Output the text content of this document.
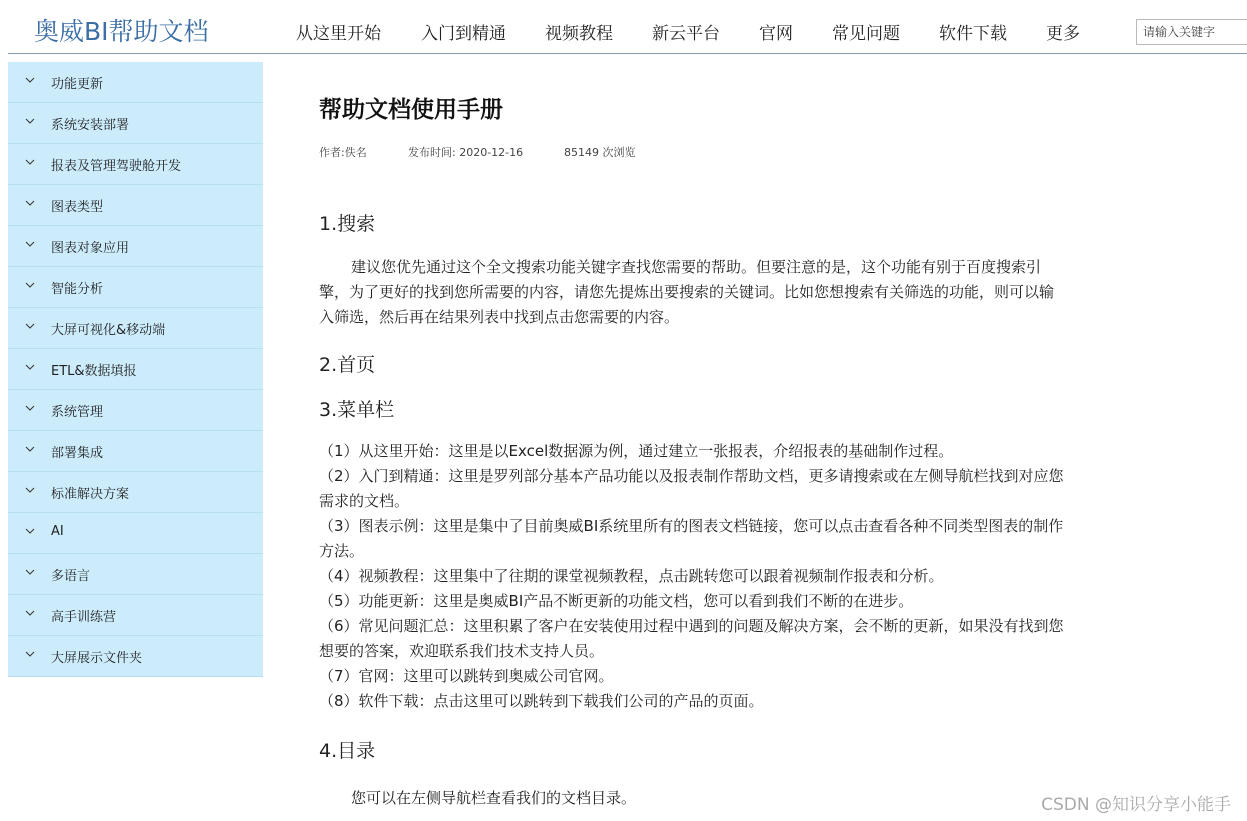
奥威BI帮助文档	从这里开始 入门到精通 视频教程 新云平台 官网 常见问题 软件下载 更多
请输入关键字
功能更新
系统安装部署
报表及管理驾驶舱开发
图表类型
图表对象应用
智能分析
大屏可视化&移动端
ETL&数据填报
系统管理
部署集成
标准解决方案
AI
多语言
高手训练营
大屏展示文件夹
帮助文档使用手册
作者:佚名	发布时间: 2020-12-16	85149 次浏览
1.搜索
建议您优先通过这个全文搜索功能关键字查找您需要的帮助。但要注意的是，这个功能有别于百度搜索引擎，为了更好的找到您所需要的内容，请您先提炼出要搜索的关键词。比如您想搜索有关筛选的功能，则可以输入筛选，然后再在结果列表中找到点击您需要的内容。
2.首页
3.菜单栏
（1）从这里开始：这里是以Excel数据源为例，通过建立一张报表，介绍报表的基础制作过程。
（2）入门到精通：这里是罗列部分基本产品功能以及报表制作帮助文档，更多请搜索或在左侧导航栏找到对应您需求的文档。
（3）图表示例：这里是集中了目前奥威BI系统里所有的图表文档链接，您可以点击查看各种不同类型图表的制作方法。
（4）视频教程：这里集中了往期的课堂视频教程，点击跳转您可以跟着视频制作报表和分析。
（5）功能更新：这里是奥威BI产品不断更新的功能文档，您可以看到我们不断的在进步。
（6）常见问题汇总：这里积累了客户在安装使用过程中遇到的问题及解决方案，会不断的更新，如果没有找到您想要的答案，欢迎联系我们技术支持人员。
（7）官网：这里可以跳转到奥威公司官网。
（8）软件下载：点击这里可以跳转到下载我们公司的产品的页面。
4.目录
您可以在左侧导航栏查看我们的文档目录。	CSDN @知识分享小能手
